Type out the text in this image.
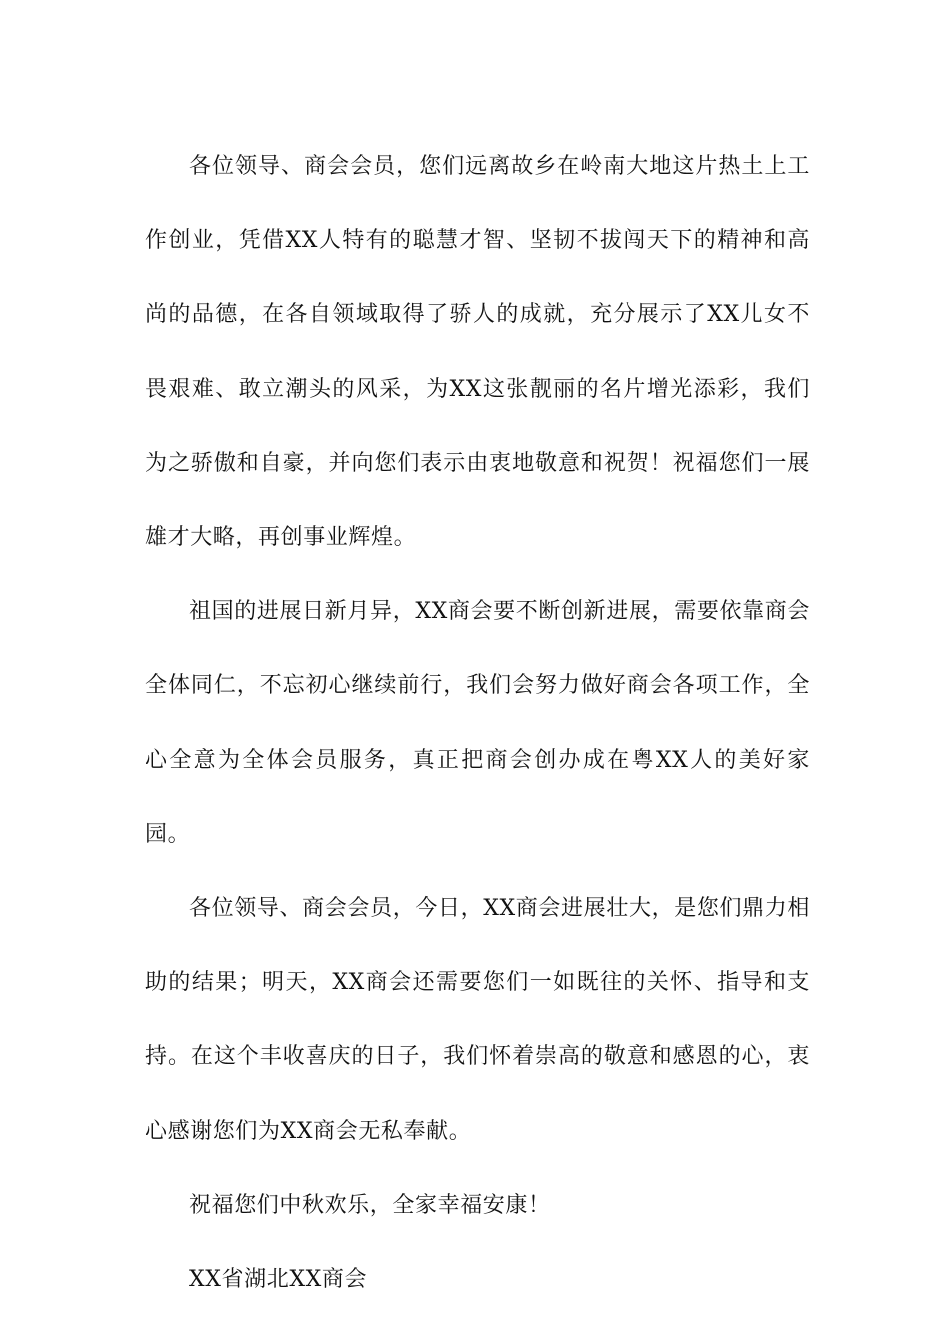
各位领导、商会会员，您们远离故乡在岭南大地这片热土上工作创业，凭借XX人特有的聪慧才智、坚韧不拔闯天下的精神和高尚的品德，在各自领域取得了骄人的成就，充分展示了XX儿女不畏艰难、敢立潮头的风采，为XX这张靓丽的名片增光添彩，我们为之骄傲和自豪，并向您们表示由衷地敬意和祝贺！祝福您们一展雄才大略，再创事业辉煌。

祖国的进展日新月异，XX商会要不断创新进展，需要依靠商会全体同仁，不忘初心继续前行，我们会努力做好商会各项工作，全心全意为全体会员服务，真正把商会创办成在粤XX人的美好家园。

各位领导、商会会员，今日，XX商会进展壮大，是您们鼎力相助的结果；明天，XX商会还需要您们一如既往的关怀、指导和支持。在这个丰收喜庆的日子，我们怀着崇高的敬意和感恩的心，衷心感谢您们为XX商会无私奉献。

祝福您们中秋欢乐，全家幸福安康！

XX省湖北XX商会
